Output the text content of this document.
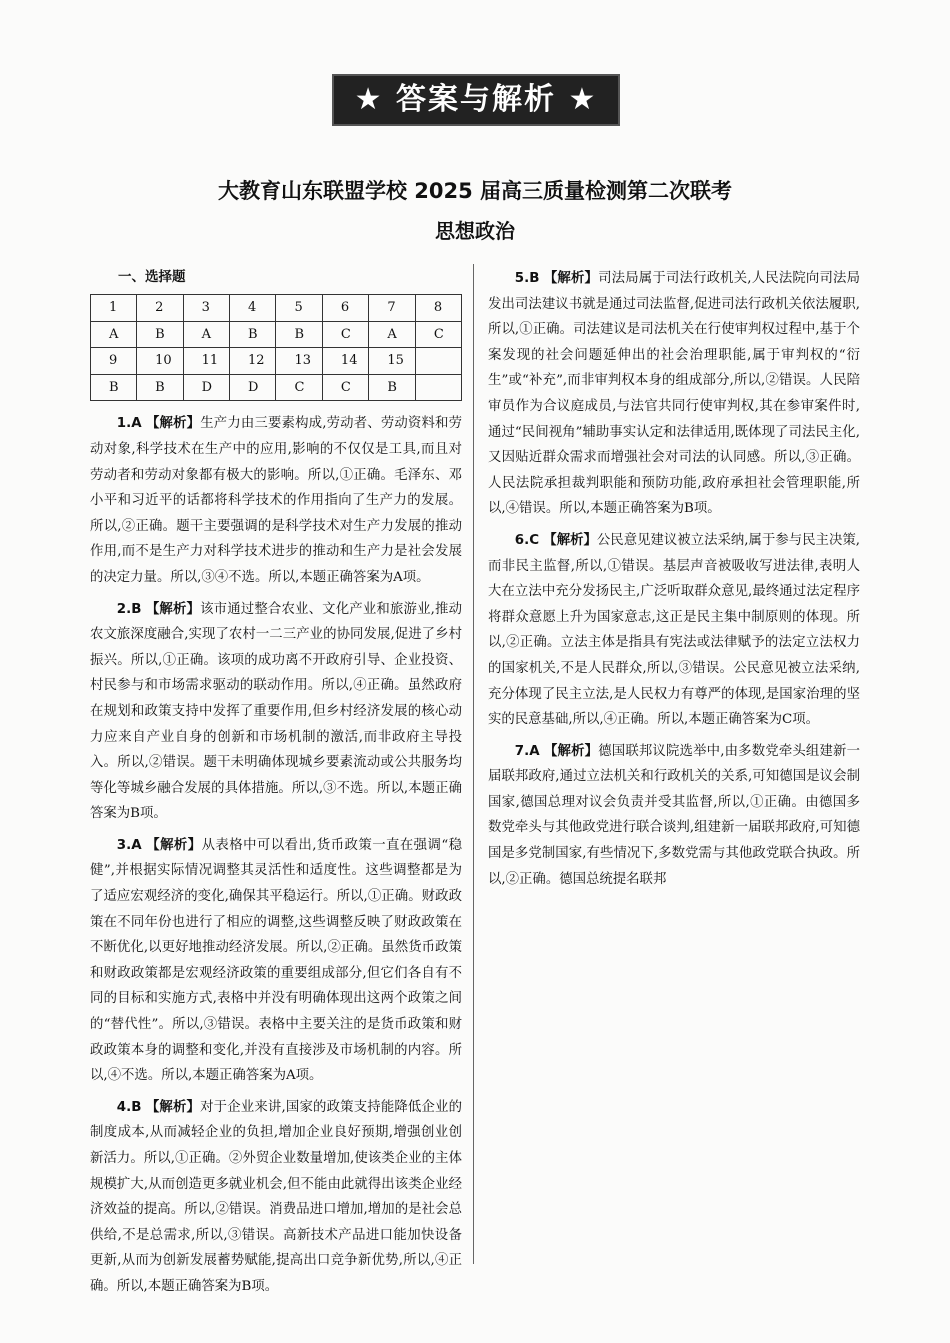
★ 答案与解析 ★
大教育山东联盟学校 2025 届高三质量检测第二次联考
思想政治
一、选择题
1	2	3	4	5	6	7	8
A	B	A	B	B	C	A	C
9	10	11	12	13	14	15	
B	B	D	D	C	C	B	

1.A 【解析】生产力由三要素构成,劳动者、劳动资料和劳动对象,科学技术在生产中的应用,影响的不仅仅是工具,而且对劳动者和劳动对象都有极大的影响。所以,①正确。毛泽东、邓小平和习近平的话都将科学技术的作用指向了生产力的发展。所以,②正确。题干主要强调的是科学技术对生产力发展的推动作用,而不是生产力对科学技术进步的推动和生产力是社会发展的决定力量。所以,③④不选。所以,本题正确答案为A项。

2.B 【解析】该市通过整合农业、文化产业和旅游业,推动农文旅深度融合,实现了农村一二三产业的协同发展,促进了乡村振兴。所以,①正确。该项的成功离不开政府引导、企业投资、村民参与和市场需求驱动的联动作用。所以,④正确。虽然政府在规划和政策支持中发挥了重要作用,但乡村经济发展的核心动力应来自产业自身的创新和市场机制的激活,而非政府主导投入。所以,②错误。题干未明确体现城乡要素流动或公共服务均等化等城乡融合发展的具体措施。所以,③不选。所以,本题正确答案为B项。

3.A 【解析】从表格中可以看出,货币政策一直在强调“稳健”,并根据实际情况调整其灵活性和适度性。这些调整都是为了适应宏观经济的变化,确保其平稳运行。所以,①正确。财政政策在不同年份也进行了相应的调整,这些调整反映了财政政策在不断优化,以更好地推动经济发展。所以,②正确。虽然货币政策和财政政策都是宏观经济政策的重要组成部分,但它们各自有不同的目标和实施方式,表格中并没有明确体现出这两个政策之间的“替代性”。所以,③错误。表格中主要关注的是货币政策和财政政策本身的调整和变化,并没有直接涉及市场机制的内容。所以,④不选。所以,本题正确答案为A项。

4.B 【解析】对于企业来讲,国家的政策支持能降低企业的制度成本,从而减轻企业的负担,增加企业良好预期,增强创业创新活力。所以,①正确。②外贸企业数量增加,使该类企业的主体规模扩大,从而创造更多就业机会,但不能由此就得出该类企业经济效益的提高。所以,②错误。消费品进口增加,增加的是社会总供给,不是总需求,所以,③错误。高新技术产品进口能加快设备更新,从而为创新发展蓄势赋能,提高出口竞争新优势,所以,④正确。所以,本题正确答案为B项。

5.B 【解析】司法局属于司法行政机关,人民法院向司法局发出司法建议书就是通过司法监督,促进司法行政机关依法履职,所以,①正确。司法建议是司法机关在行使审判权过程中,基于个案发现的社会问题延伸出的社会治理职能,属于审判权的“衍生”或“补充”,而非审判权本身的组成部分,所以,②错误。人民陪审员作为合议庭成员,与法官共同行使审判权,其在参审案件时,通过“民间视角”辅助事实认定和法律适用,既体现了司法民主化,又因贴近群众需求而增强社会对司法的认同感。所以,③正确。人民法院承担裁判职能和预防功能,政府承担社会管理职能,所以,④错误。所以,本题正确答案为B项。

6.C 【解析】公民意见建议被立法采纳,属于参与民主决策,而非民主监督,所以,①错误。基层声音被吸收写进法律,表明人大在立法中充分发扬民主,广泛听取群众意见,最终通过法定程序将群众意愿上升为国家意志,这正是民主集中制原则的体现。所以,②正确。立法主体是指具有宪法或法律赋予的法定立法权力的国家机关,不是人民群众,所以,③错误。公民意见被立法采纳,充分体现了民主立法,是人民权力有尊严的体现,是国家治理的坚实的民意基础,所以,④正确。所以,本题正确答案为C项。

7.A 【解析】德国联邦议院选举中,由多数党牵头组建新一届联邦政府,通过立法机关和行政机关的关系,可知德国是议会制国家,德国总理对议会负责并受其监督,所以,①正确。由德国多数党牵头与其他政党进行联合谈判,组建新一届联邦政府,可知德国是多党制国家,有些情况下,多数党需与其他政党联合执政。所以,②正确。德国总统提名联邦
